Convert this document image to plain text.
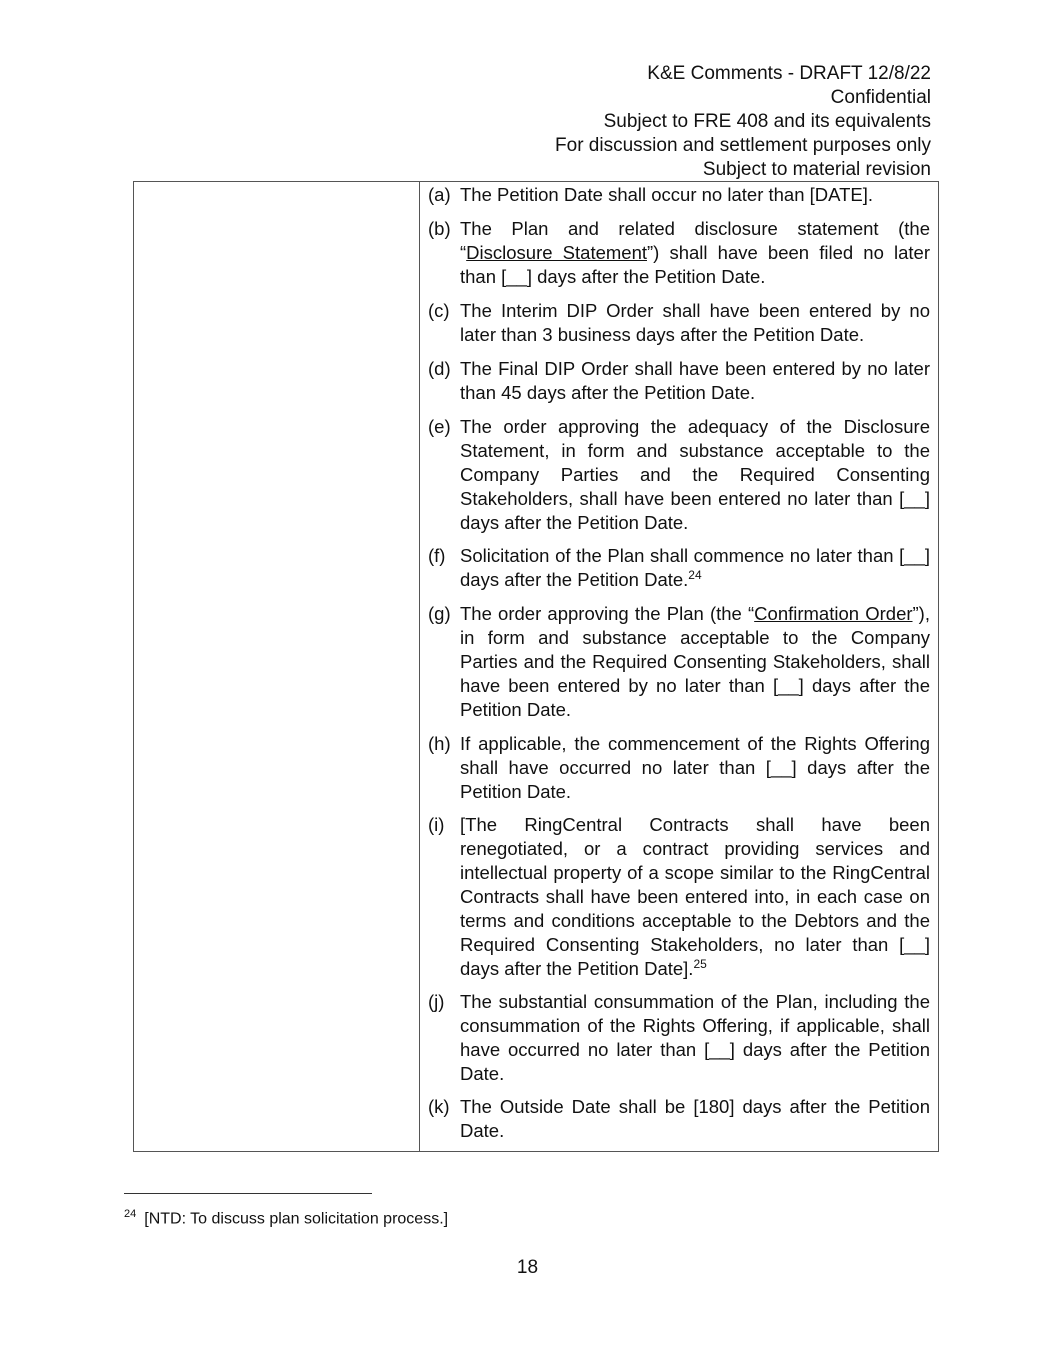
K&E Comments - DRAFT 12/8/22
Confidential
Subject to FRE 408 and its equivalents
For discussion and settlement purposes only
Subject to material revision
(a) The Petition Date shall occur no later than [DATE].
(b) The Plan and related disclosure statement (the “Disclosure Statement”) shall have been filed no later than [__] days after the Petition Date.
(c) The Interim DIP Order shall have been entered by no later than 3 business days after the Petition Date.
(d) The Final DIP Order shall have been entered by no later than 45 days after the Petition Date.
(e) The order approving the adequacy of the Disclosure Statement, in form and substance acceptable to the Company Parties and the Required Consenting Stakeholders, shall have been entered no later than [__] days after the Petition Date.
(f) Solicitation of the Plan shall commence no later than [__] days after the Petition Date.$^{24}$
(g) The order approving the Plan (the “Confirmation Order”), in form and substance acceptable to the Company Parties and the Required Consenting Stakeholders, shall have been entered by no later than [__] days after the Petition Date.
(h) If applicable, the commencement of the Rights Offering shall have occurred no later than [__] days after the Petition Date.
(i) [The RingCentral Contracts shall have been renegotiated, or a contract providing services and intellectual property of a scope similar to the RingCentral Contracts shall have been entered into, in each case on terms and conditions acceptable to the Debtors and the Required Consenting Stakeholders, no later than [__] days after the Petition Date].$^{25}$
(j) The substantial consummation of the Plan, including the consummation of the Rights Offering, if applicable, shall have occurred no later than [__] days after the Petition Date.
(k) The Outside Date shall be [180] days after the Petition Date.
$^{24}$ [NTD: To discuss plan solicitation process.]
18
